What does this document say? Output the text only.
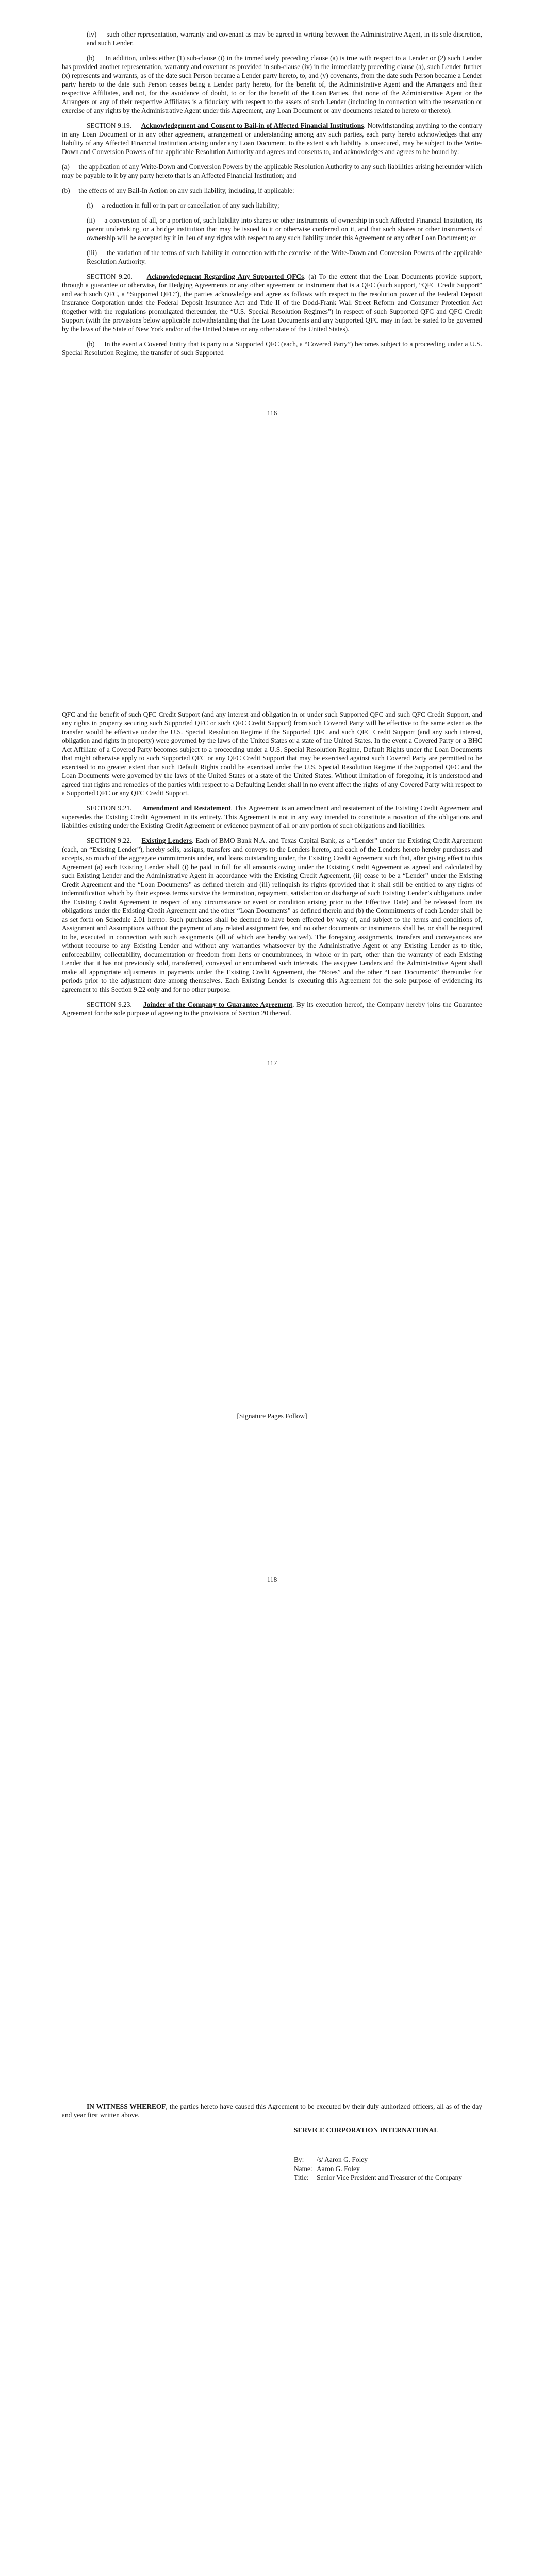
(iv)     such other representation, warranty and covenant as may be agreed in writing between the Administrative Agent, in its sole discretion, and such Lender.

(b)     In addition, unless either (1) sub-clause (i) in the immediately preceding clause (a) is true with respect to a Lender or (2) such Lender has provided another representation, warranty and covenant as provided in sub-clause (iv) in the immediately preceding clause (a), such Lender further (x) represents and warrants, as of the date such Person became a Lender party hereto, to, and (y) covenants, from the date such Person became a Lender party hereto to the date such Person ceases being a Lender party hereto, for the benefit of, the Administrative Agent and the Arrangers and their respective Affiliates, and not, for the avoidance of doubt, to or for the benefit of the Loan Parties, that none of the Administrative Agent or the Arrangers or any of their respective Affiliates is a fiduciary with respect to the assets of such Lender (including in connection with the reservation or exercise of any rights by the Administrative Agent under this Agreement, any Loan Document or any documents related to hereto or thereto).

SECTION 9.19. Acknowledgement and Consent to Bail-in of Affected Financial Institutions. Notwithstanding anything to the contrary in any Loan Document or in any other agreement, arrangement or understanding among any such parties, each party hereto acknowledges that any liability of any Affected Financial Institution arising under any Loan Document, to the extent such liability is unsecured, may be subject to the Write-Down and Conversion Powers of the applicable Resolution Authority and agrees and consents to, and acknowledges and agrees to be bound by:

(a)     the application of any Write-Down and Conversion Powers by the applicable Resolution Authority to any such liabilities arising hereunder which may be payable to it by any party hereto that is an Affected Financial Institution; and

(b)     the effects of any Bail-In Action on any such liability, including, if applicable:

(i)     a reduction in full or in part or cancellation of any such liability;

(ii)     a conversion of all, or a portion of, such liability into shares or other instruments of ownership in such Affected Financial Institution, its parent undertaking, or a bridge institution that may be issued to it or otherwise conferred on it, and that such shares or other instruments of ownership will be accepted by it in lieu of any rights with respect to any such liability under this Agreement or any other Loan Document; or

(iii)     the variation of the terms of such liability in connection with the exercise of the Write-Down and Conversion Powers of the applicable Resolution Authority.

SECTION 9.20. Acknowledgement Regarding Any Supported QFCs. (a) To the extent that the Loan Documents provide support, through a guarantee or otherwise, for Hedging Agreements or any other agreement or instrument that is a QFC (such support, “QFC Credit Support” and each such QFC, a “Supported QFC”), the parties acknowledge and agree as follows with respect to the resolution power of the Federal Deposit Insurance Corporation under the Federal Deposit Insurance Act and Title II of the Dodd-Frank Wall Street Reform and Consumer Protection Act (together with the regulations promulgated thereunder, the “U.S. Special Resolution Regimes”) in respect of such Supported QFC and QFC Credit Support (with the provisions below applicable notwithstanding that the Loan Documents and any Supported QFC may in fact be stated to be governed by the laws of the State of New York and/or of the United States or any other state of the United States).

(b)     In the event a Covered Entity that is party to a Supported QFC (each, a “Covered Party”) becomes subject to a proceeding under a U.S. Special Resolution Regime, the transfer of such Supported

116

QFC and the benefit of such QFC Credit Support (and any interest and obligation in or under such Supported QFC and such QFC Credit Support, and any rights in property securing such Supported QFC or such QFC Credit Support) from such Covered Party will be effective to the same extent as the transfer would be effective under the U.S. Special Resolution Regime if the Supported QFC and such QFC Credit Support (and any such interest, obligation and rights in property) were governed by the laws of the United States or a state of the United States. In the event a Covered Party or a BHC Act Affiliate of a Covered Party becomes subject to a proceeding under a U.S. Special Resolution Regime, Default Rights under the Loan Documents that might otherwise apply to such Supported QFC or any QFC Credit Support that may be exercised against such Covered Party are permitted to be exercised to no greater extent than such Default Rights could be exercised under the U.S. Special Resolution Regime if the Supported QFC and the Loan Documents were governed by the laws of the United States or a state of the United States. Without limitation of foregoing, it is understood and agreed that rights and remedies of the parties with respect to a Defaulting Lender shall in no event affect the rights of any Covered Party with respect to a Supported QFC or any QFC Credit Support.

SECTION 9.21. Amendment and Restatement. This Agreement is an amendment and restatement of the Existing Credit Agreement and supersedes the Existing Credit Agreement in its entirety. This Agreement is not in any way intended to constitute a novation of the obligations and liabilities existing under the Existing Credit Agreement or evidence payment of all or any portion of such obligations and liabilities.

SECTION 9.22. Existing Lenders. Each of BMO Bank N.A. and Texas Capital Bank, as a “Lender” under the Existing Credit Agreement (each, an “Existing Lender”), hereby sells, assigns, transfers and conveys to the Lenders hereto, and each of the Lenders hereto hereby purchases and accepts, so much of the aggregate commitments under, and loans outstanding under, the Existing Credit Agreement such that, after giving effect to this Agreement (a) each Existing Lender shall (i) be paid in full for all amounts owing under the Existing Credit Agreement as agreed and calculated by such Existing Lender and the Administrative Agent in accordance with the Existing Credit Agreement, (ii) cease to be a “Lender” under the Existing Credit Agreement and the “Loan Documents” as defined therein and (iii) relinquish its rights (provided that it shall still be entitled to any rights of indemnification which by their express terms survive the termination, repayment, satisfaction or discharge of such Existing Lender’s obligations under the Existing Credit Agreement in respect of any circumstance or event or condition arising prior to the Effective Date) and be released from its obligations under the Existing Credit Agreement and the other “Loan Documents” as defined therein and (b) the Commitments of each Lender shall be as set forth on Schedule 2.01 hereto. Such purchases shall be deemed to have been effected by way of, and subject to the terms and conditions of, Assignment and Assumptions without the payment of any related assignment fee, and no other documents or instruments shall be, or shall be required to be, executed in connection with such assignments (all of which are hereby waived). The foregoing assignments, transfers and conveyances are without recourse to any Existing Lender and without any warranties whatsoever by the Administrative Agent or any Existing Lender as to title, enforceability, collectability, documentation or freedom from liens or encumbrances, in whole or in part, other than the warranty of each Existing Lender that it has not previously sold, transferred, conveyed or encumbered such interests. The assignee Lenders and the Administrative Agent shall make all appropriate adjustments in payments under the Existing Credit Agreement, the “Notes” and the other “Loan Documents” thereunder for periods prior to the adjustment date among themselves. Each Existing Lender is executing this Agreement for the sole purpose of evidencing its agreement to this Section 9.22 only and for no other purpose.

SECTION 9.23. Joinder of the Company to Guarantee Agreement. By its execution hereof, the Company hereby joins the Guarantee Agreement for the sole purpose of agreeing to the provisions of Section 20 thereof.

117

[Signature Pages Follow]

118

IN WITNESS WHEREOF, the parties hereto have caused this Agreement to be executed by their duly authorized officers, all as of the day and year first written above.

SERVICE CORPORATION INTERNATIONAL
By: /s/ Aaron G. Foley
Name: Aaron G. Foley
Title: Senior Vice President and Treasurer of the Company
